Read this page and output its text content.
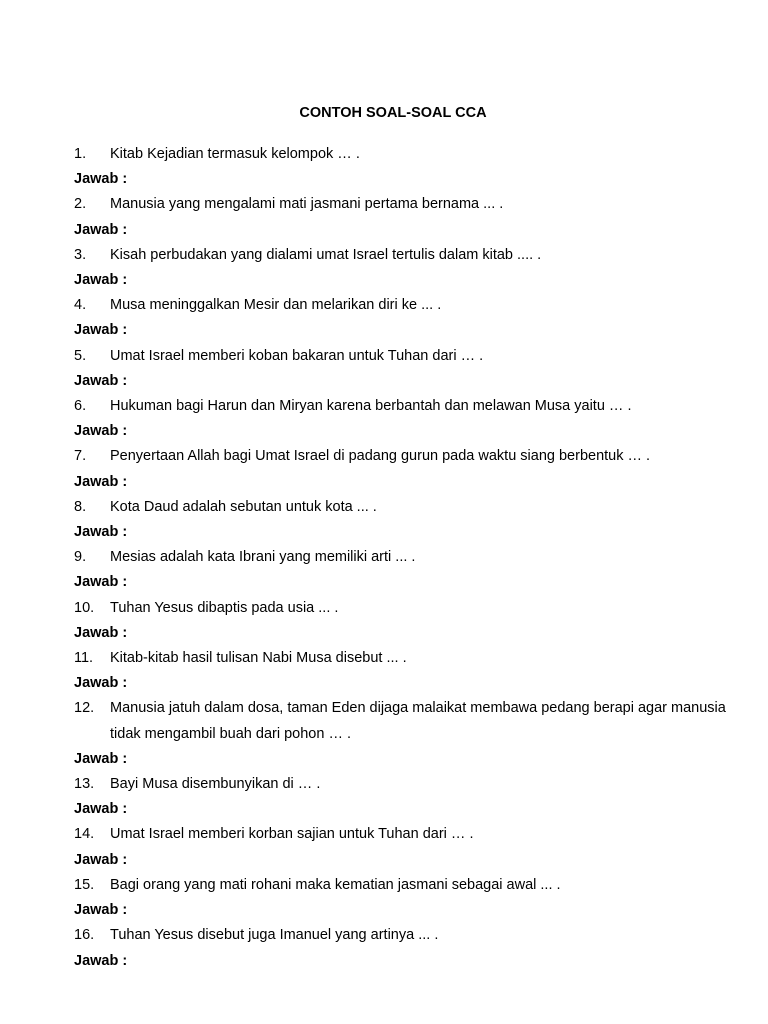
CONTOH SOAL-SOAL CCA
1.	Kitab Kejadian termasuk kelompok … .
Jawab :
2.	Manusia yang mengalami mati jasmani pertama bernama ... .
Jawab :
3.	Kisah perbudakan yang dialami umat Israel tertulis dalam kitab .... .
Jawab :
4.	Musa meninggalkan Mesir dan melarikan diri ke ... .
Jawab :
5.	Umat Israel memberi koban bakaran untuk Tuhan dari … .
Jawab :
6.	Hukuman bagi Harun dan Miryan karena berbantah dan melawan Musa yaitu … .
Jawab :
7.	Penyertaan Allah bagi Umat Israel di padang gurun pada waktu siang berbentuk … .
Jawab :
8.	Kota Daud adalah sebutan untuk kota ... .
Jawab :
9.	Mesias adalah kata Ibrani yang memiliki arti ... .
Jawab :
10.	Tuhan Yesus dibaptis pada usia ... .
Jawab :
11.	Kitab-kitab hasil tulisan Nabi Musa disebut ... .
Jawab :
12.	Manusia jatuh dalam dosa, taman Eden dijaga malaikat membawa pedang berapi agar manusia tidak mengambil buah dari pohon … .
Jawab :
13.	Bayi Musa disembunyikan di … .
Jawab :
14.	Umat Israel memberi korban sajian untuk Tuhan dari … .
Jawab :
15.	Bagi orang yang mati rohani maka kematian jasmani sebagai awal ... .
Jawab :
16.	Tuhan Yesus disebut juga Imanuel yang artinya ... .
Jawab :
